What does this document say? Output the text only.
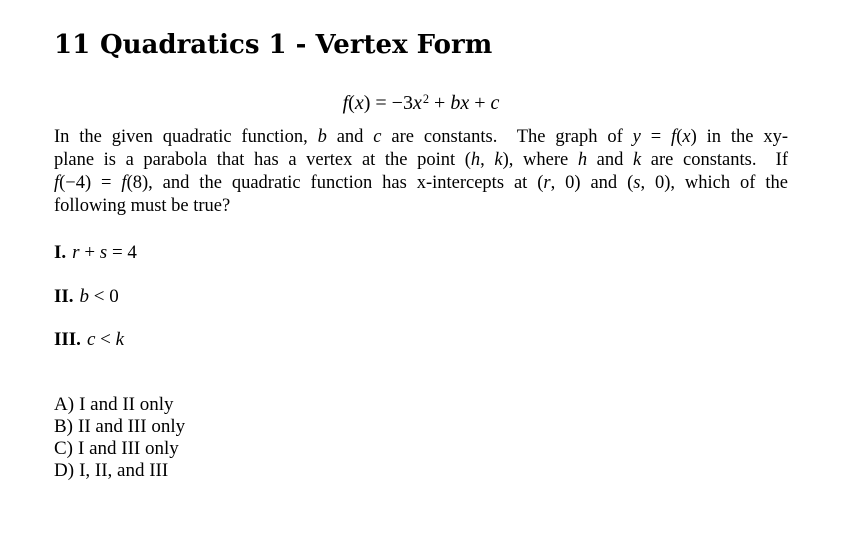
11 Quadratics 1 - Vertex Form
$f(x) = -3x^2$ + bx + c
In the given quadratic function, b and c are constants.  The graph of y = f(x) in the xy-
plane is a parabola that has a vertex at the point (h, k), where h and k are constants.  If
f(−4) = f(8), and the quadratic function has x-intercepts at (r, 0) and (s, 0), which of the
following must be true?
I. r + s = 4
II. b < 0
III. c < k
A) I and II only
B) II and III only
C) I and III only
D) I, II, and III
